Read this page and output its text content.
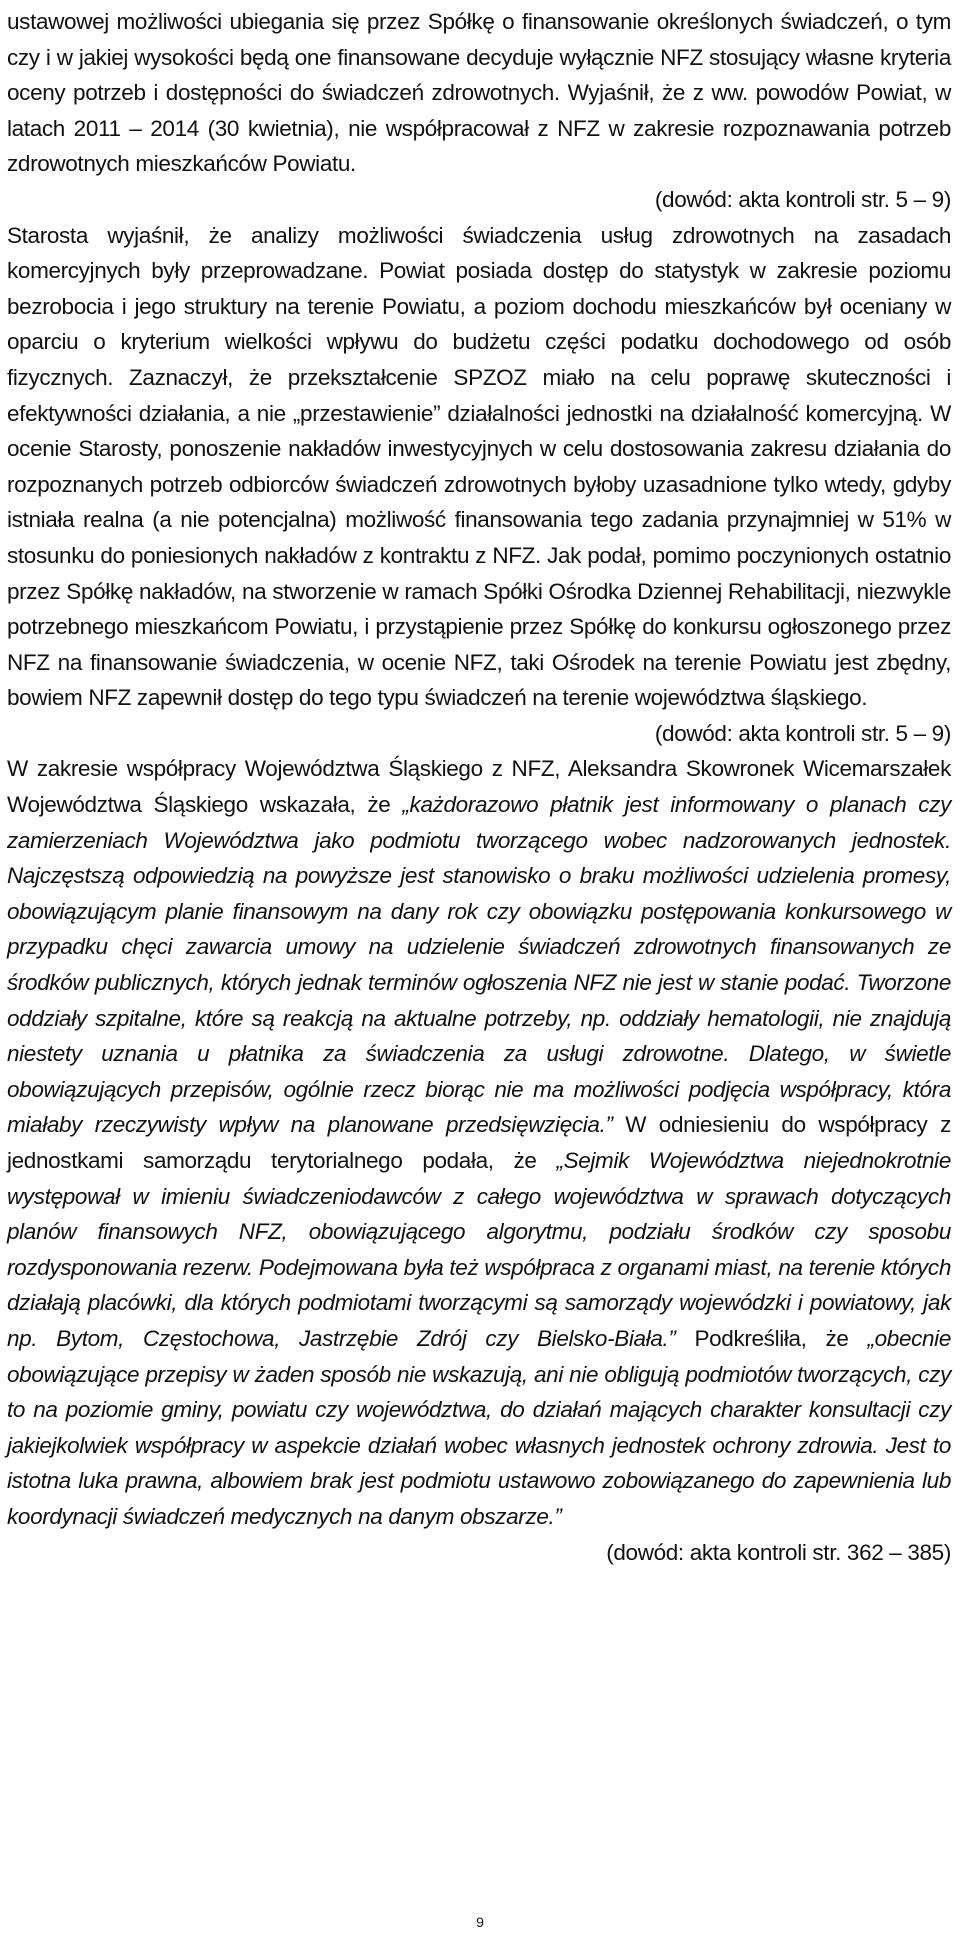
ustawowej możliwości ubiegania się przez Spółkę o finansowanie określonych świadczeń, o tym czy i w jakiej wysokości będą one finansowane decyduje wyłącznie NFZ stosujący własne kryteria oceny potrzeb i dostępności do świadczeń zdrowotnych. Wyjaśnił, że z ww. powodów Powiat, w latach 2011 – 2014 (30 kwietnia), nie współpracował z NFZ w zakresie rozpoznawania potrzeb zdrowotnych mieszkańców Powiatu.

(dowód: akta kontroli str. 5 – 9)

Starosta wyjaśnił, że analizy możliwości świadczenia usług zdrowotnych na zasadach komercyjnych były przeprowadzane. Powiat posiada dostęp do statystyk w zakresie poziomu bezrobocia i jego struktury na terenie Powiatu, a poziom dochodu mieszkańców był oceniany w oparciu o kryterium wielkości wpływu do budżetu części podatku dochodowego od osób fizycznych. Zaznaczył, że przekształcenie SPZOZ miało na celu poprawę skuteczności i efektywności działania, a nie „przestawienie” działalności jednostki na działalność komercyjną. W ocenie Starosty, ponoszenie nakładów inwestycyjnych w celu dostosowania zakresu działania do rozpoznanych potrzeb odbiorców świadczeń zdrowotnych byłoby uzasadnione tylko wtedy, gdyby istniała realna (a nie potencjalna) możliwość finansowania tego zadania przynajmniej w 51% w stosunku do poniesionych nakładów z kontraktu z NFZ. Jak podał, pomimo poczynionych ostatnio przez Spółkę nakładów, na stworzenie w ramach Spółki Ośrodka Dziennej Rehabilitacji, niezwykle potrzebnego mieszkańcom Powiatu, i przystąpienie przez Spółkę do konkursu ogłoszonego przez NFZ na finansowanie świadczenia, w ocenie NFZ, taki Ośrodek na terenie Powiatu jest zbędny, bowiem NFZ zapewnił dostęp do tego typu świadczeń na terenie województwa śląskiego.

(dowód: akta kontroli str. 5 – 9)

W zakresie współpracy Województwa Śląskiego z NFZ, Aleksandra Skowronek Wicemarszałek Województwa Śląskiego wskazała, że „każdorazowo płatnik jest informowany o planach czy zamierzeniach Województwa jako podmiotu tworzącego wobec nadzorowanych jednostek. Najczęstszą odpowiedzią na powyższe jest stanowisko o braku możliwości udzielenia promesy, obowiązującym planie finansowym na dany rok czy obowiązku postępowania konkursowego w przypadku chęci zawarcia umowy na udzielenie świadczeń zdrowotnych finansowanych ze środków publicznych, których jednak terminów ogłoszenia NFZ nie jest w stanie podać. Tworzone oddziały szpitalne, które są reakcją na aktualne potrzeby, np. oddziały hematologii, nie znajdują niestety uznania u płatnika za świadczenia za usługi zdrowotne. Dlatego, w świetle obowiązujących przepisów, ogólnie rzecz biorąc nie ma możliwości podjęcia współpracy, która miałaby rzeczywisty wpływ na planowane przedsięwzięcia.” W odniesieniu do współpracy z jednostkami samorządu terytorialnego podała, że „Sejmik Województwa niejednokrotnie występował w imieniu świadczeniodawców z całego województwa w sprawach dotyczących planów finansowych NFZ, obowiązującego algorytmu, podziału środków czy sposobu rozdysponowania rezerw. Podejmowana była też współpraca z organami miast, na terenie których działają placówki, dla których podmiotami tworzącymi są samorządy wojewódzki i powiatowy, jak np. Bytom, Częstochowa, Jastrzębie Zdrój czy Bielsko-Biała.” Podkreśliła, że „obecnie obowiązujące przepisy w żaden sposób nie wskazują, ani nie obligują podmiotów tworzących, czy to na poziomie gminy, powiatu czy województwa, do działań mających charakter konsultacji czy jakiejkolwiek współpracy w aspekcie działań wobec własnych jednostek ochrony zdrowia. Jest to istotna luka prawna, albowiem brak jest podmiotu ustawowo zobowiązanego do zapewnienia lub koordynacji świadczeń medycznych na danym obszarze.”

(dowód: akta kontroli str. 362 – 385)
9
